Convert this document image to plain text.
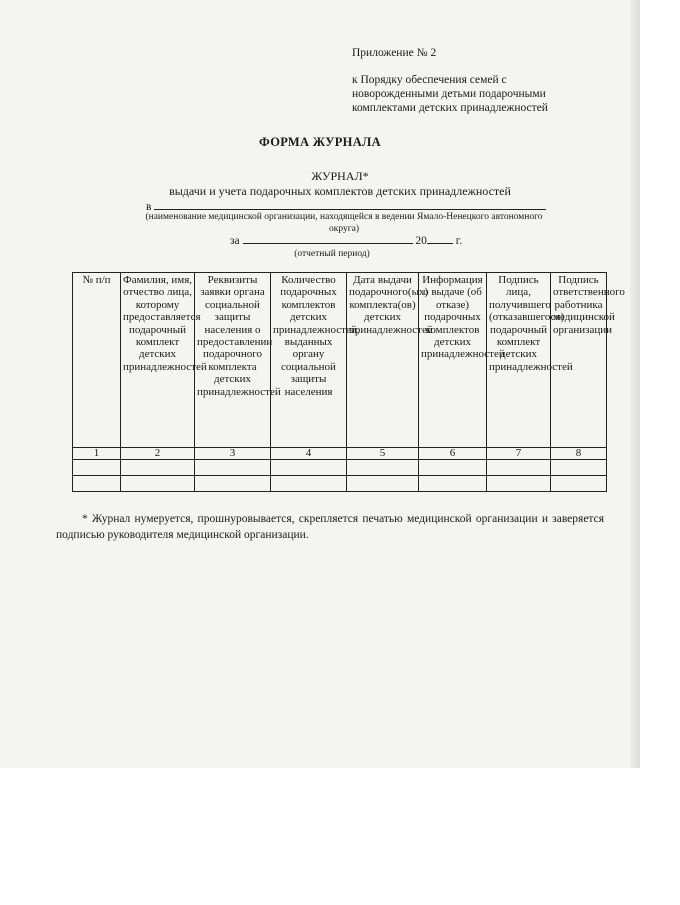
Приложение № 2
к Порядку обеспечения семей с новорожденными детьми подарочными комплектами детских принадлежностей
ФОРМА ЖУРНАЛА
ЖУРНАЛ*
выдачи и учета подарочных комплектов детских принадлежностей
в
(наименование медицинской организации, находящейся в ведении Ямало-Ненецкого автономного округа)
за	20	г.
(отчетный период)
№ п/п	Фамилия, имя, отчество лица, которому предоставляется подарочный комплект детских принадлежностей	Реквизиты заявки органа социальной защиты населения о предоставлении подарочного комплекта детских принадлежностей	Количество подарочных комплектов детских принадлежностей, выданных органу социальной защиты населения	Дата выдачи подарочного(ых) комплекта(ов) детских принадлежностей	Информация о выдаче (об отказе) подарочных комплектов детских принадлежностей	Подпись лица, получившего (отказавшегося) подарочный комплект детских принадлежностей	Подпись ответственного работника медицинской организации
1	2	3	4	5	6	7	8

* Журнал нумеруется, прошнуровывается, скрепляется печатью медицинской организации и заверяется подписью руководителя медицинской организации.
